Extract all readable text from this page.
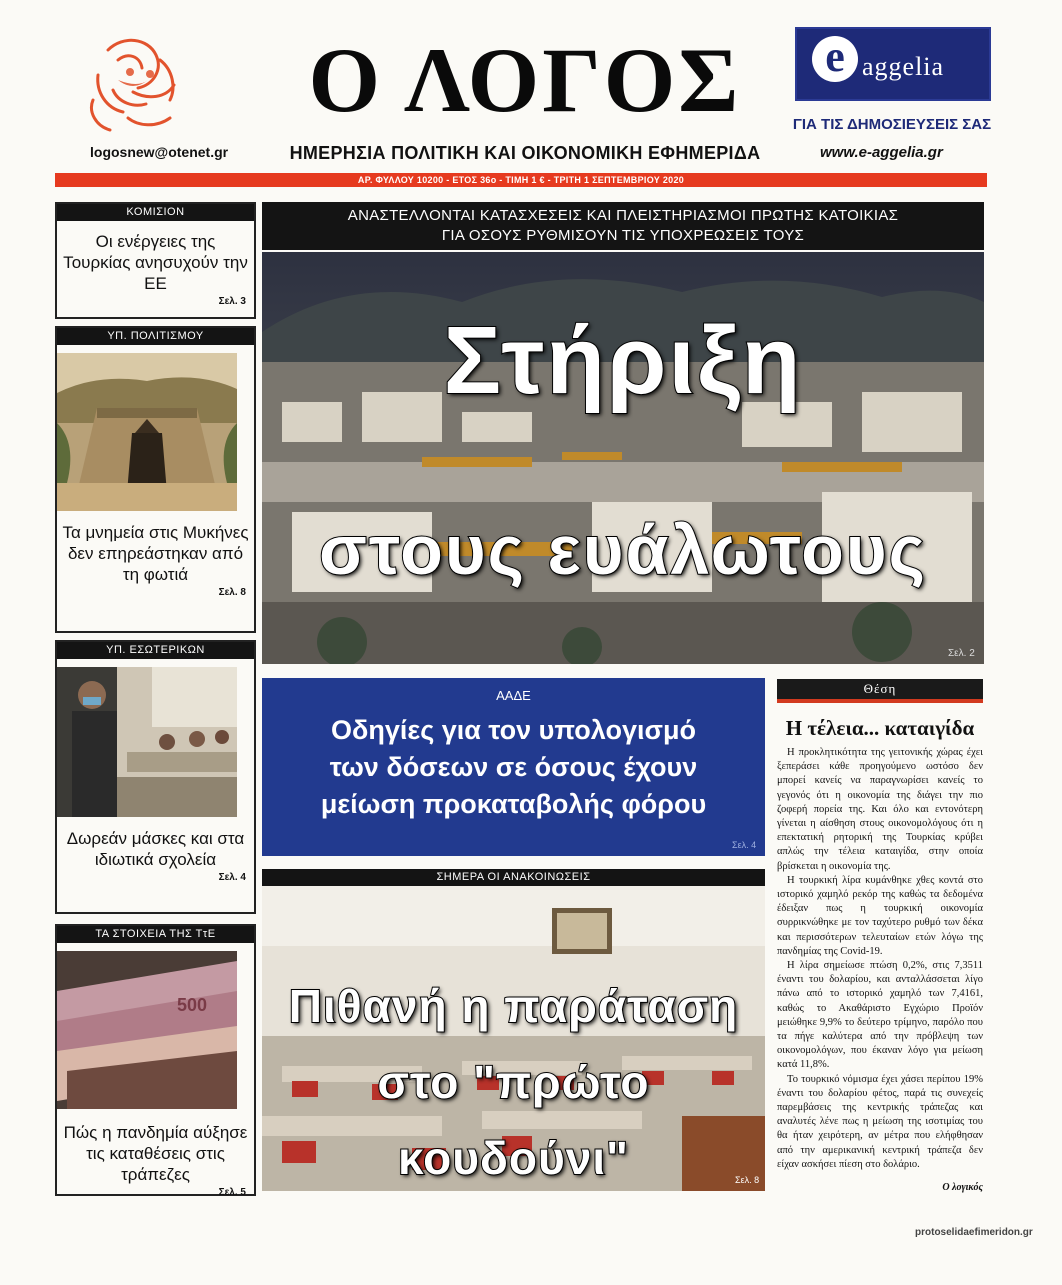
logosnew@otenet.gr
Ο ΛΟΓΟΣ
ΗΜΕΡΗΣΙΑ ΠΟΛΙΤΙΚΗ ΚΑΙ ΟΙΚΟΝΟΜΙΚΗ ΕΦΗΜΕΡΙΔΑ
e aggelia
ΓΙΑ ΤΙΣ ΔΗΜΟΣΙΕΥΣΕΙΣ ΣΑΣ
www.e-aggelia.gr
ΑΡ. ΦΥΛΛΟΥ 10200 - ΕΤΟΣ 36ο - ΤΙΜΗ 1 € - ΤΡΙΤΗ 1 ΣΕΠΤΕΜΒΡΙΟΥ 2020
ΚΟΜΙΣΙΟΝ
Οι ενέργειες της Τουρκίας ανησυχούν την ΕΕ
Σελ. 3
ΥΠ. ΠΟΛΙΤΙΣΜΟΥ
Τα μνημεία στις Μυκήνες δεν επηρεάστηκαν από τη φωτιά
Σελ. 8
ΥΠ. ΕΣΩΤΕΡΙΚΩΝ
Δωρεάν μάσκες και στα ιδιωτικά σχολεία
Σελ. 4
ΤΑ ΣΤΟΙΧΕΙΑ ΤΗΣ ΤτΕ
500
Πώς η πανδημία αύξησε τις καταθέσεις στις τράπεζες
Σελ. 5
ΑΝΑΣΤΕΛΛΟΝΤΑΙ ΚΑΤΑΣΧΕΣΕΙΣ ΚΑΙ ΠΛΕΙΣΤΗΡΙΑΣΜΟΙ ΠΡΩΤΗΣ ΚΑΤΟΙΚΙΑΣ
ΓΙΑ ΟΣΟΥΣ ΡΥΘΜΙΣΟΥΝ ΤΙΣ ΥΠΟΧΡΕΩΣΕΙΣ ΤΟΥΣ
Στήριξη
στους ευάλωτους
Σελ. 2
ΑΑΔΕ
Οδηγίες για τον υπολογισμό
των δόσεων σε όσους έχουν
μείωση προκαταβολής φόρου
Σελ. 4
ΣΗΜΕΡΑ ΟΙ ΑΝΑΚΟΙΝΩΣΕΙΣ
Πιθανή η παράταση
στο "πρώτο κουδούνι"	Σελ. 8
Θέση
Η τέλεια... καταιγίδα

Η προκλητικότητα της γειτονικής χώρας έχει ξεπεράσει κάθε προηγούμενο ωστόσο δεν μπορεί κανείς να παραγνωρίσει κανείς το γεγονός ότι η οικονομία της διάγει την πιο ζοφερή πορεία της. Και όλο και εντονότερη γίνεται η αίσθηση στους οικονομολόγους ότι η επεκτατική ρητορική της Τουρκίας κρύβει απλώς την τέλεια καταιγίδα, στην οποία βρίσκεται η οικονομία της.

Η τουρκική λίρα κυμάνθηκε χθες κοντά στο ιστορικό χαμηλό ρεκόρ της καθώς τα δεδομένα έδειξαν πως η τουρκική οικονομία συρρικνώθηκε με τον ταχύτερο ρυθμό των δέκα και περισσότερων τελευταίων ετών λόγω της πανδημίας της Covid-19.

Η λίρα σημείωσε πτώση 0,2%, στις 7,3511 έναντι του δολαρίου, και ανταλλάσσεται λίγο πάνω από το ιστορικό χαμηλό των 7,4161, καθώς το Ακαθάριστο Εγχώριο Προϊόν μειώθηκε 9,9% το δεύτερο τρίμηνο, παρόλο που τα πήγε καλύτερα από την πρόβλεψη των οικονομολόγων, που έκαναν λόγο για μείωση κατά 11,8%.

Το τουρκικό νόμισμα έχει χάσει περίπου 19% έναντι του δολαρίου φέτος, παρά τις συνεχείς παρεμβάσεις της κεντρικής τράπεζας και αναλυτές λένε πως η μείωση της ισοτιμίας του θα ήταν χειρότερη, αν μέτρα που ελήφθησαν από την αμερικανική κεντρική τράπεζα δεν είχαν ασκήσει πίεση στο δολάριο.

Ο λογικός
protoselidaefimeridon.gr
